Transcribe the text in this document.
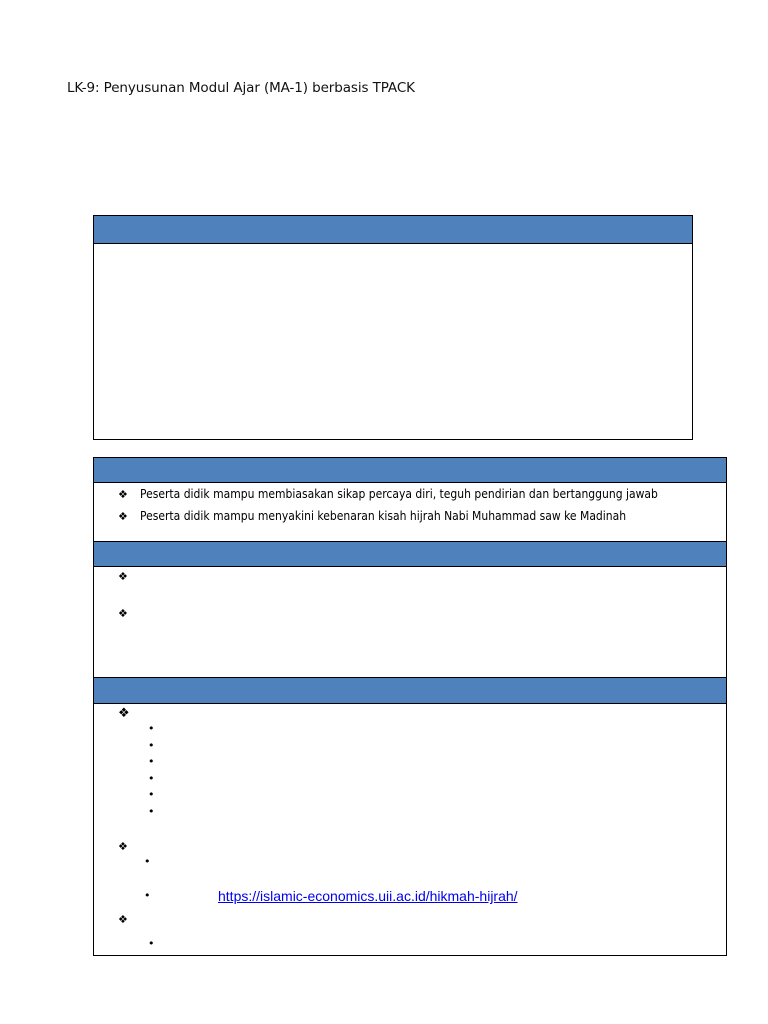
LK-9: Penyusunan Modul Ajar (MA-1) berbasis TPACK
❖ Peserta didik mampu membiasakan sikap percaya diri, teguh pendirian dan bertanggung jawab
❖ Peserta didik mampu menyakini kebenaran kisah hijrah Nabi Muhammad saw ke Madinah
❖
❖
❖
•
•
•
•
•
•
❖
•
•	https://islamic-economics.uii.ac.id/hikmah-hijrah/
❖
•
